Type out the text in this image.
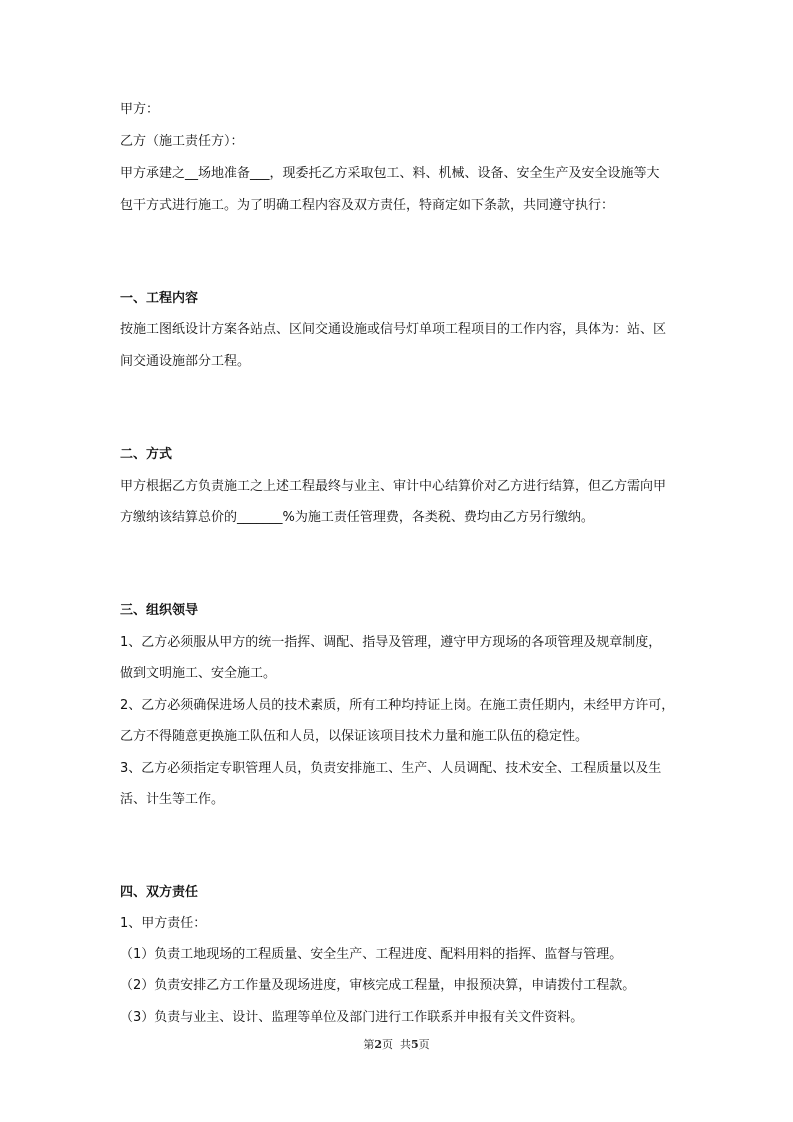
甲方：
乙方（施工责任方）：
甲方承建之__场地准备___，现委托乙方采取包工、料、机械、设备、安全生产及安全设施等大
包干方式进行施工。为了明确工程内容及双方责任，特商定如下条款，共同遵守执行：
一、工程内容
按施工图纸设计方案各站点、区间交通设施或信号灯单项工程项目的工作内容，具体为：站、区
间交通设施部分工程。
二、方式
甲方根据乙方负责施工之上述工程最终与业主、审计中心结算价对乙方进行结算，但乙方需向甲
方缴纳该结算总价的_______%为施工责任管理费，各类税、费均由乙方另行缴纳。
三、组织领导
1、乙方必须服从甲方的统一指挥、调配、指导及管理，遵守甲方现场的各项管理及规章制度，
做到文明施工、安全施工。
2、乙方必须确保进场人员的技术素质，所有工种均持证上岗。在施工责任期内，未经甲方许可，
乙方不得随意更换施工队伍和人员，以保证该项目技术力量和施工队伍的稳定性。
3、乙方必须指定专职管理人员，负责安排施工、生产、人员调配、技术安全、工程质量以及生
活、计生等工作。
四、双方责任
1、甲方责任：
（1）负责工地现场的工程质量、安全生产、工程进度、配料用料的指挥、监督与管理。
（2）负责安排乙方工作量及现场进度，审核完成工程量，申报预决算，申请拨付工程款。
（3）负责与业主、设计、监理等单位及部门进行工作联系并申报有关文件资料。
第2页  共5页
